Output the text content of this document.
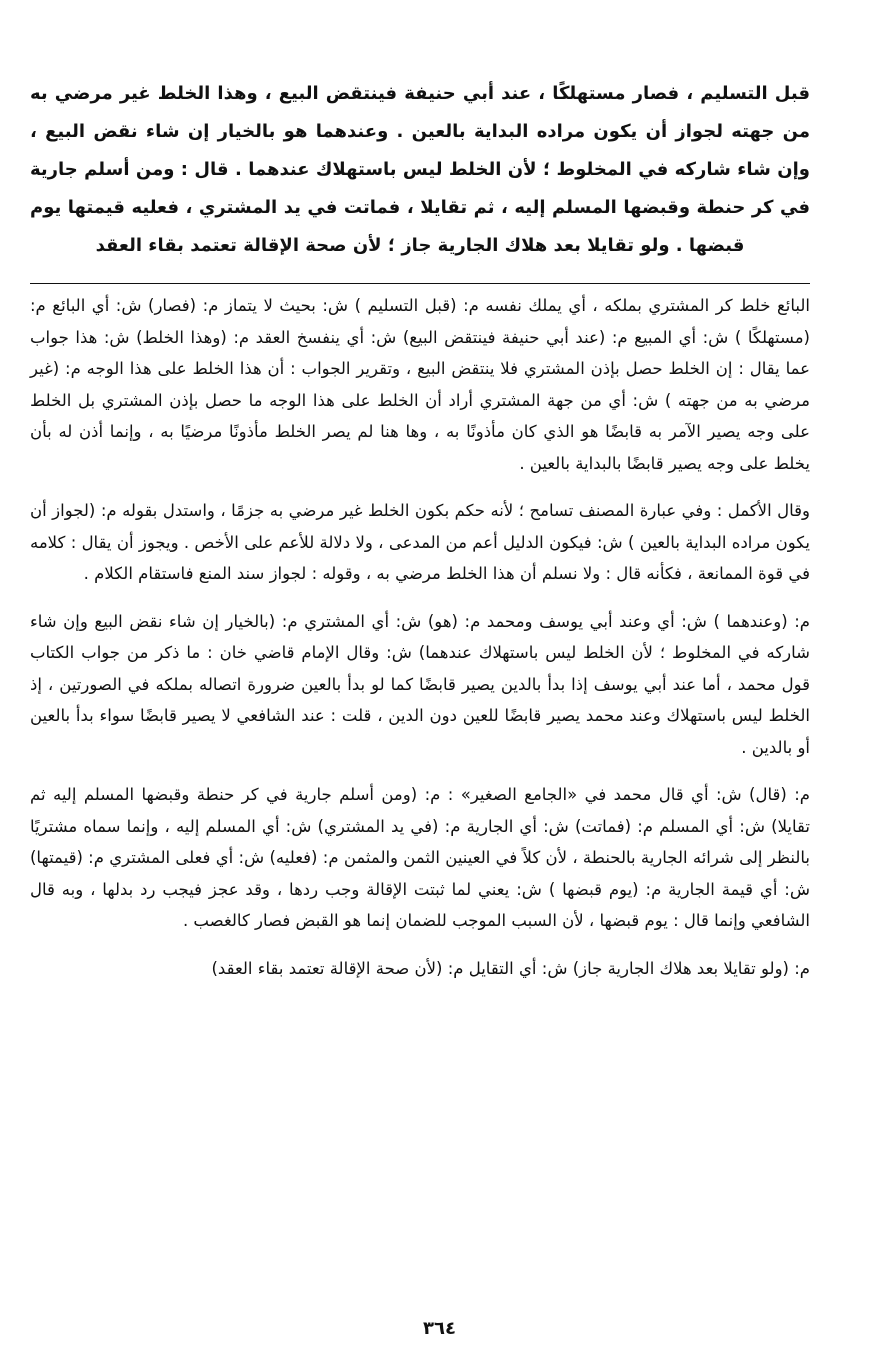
قبل التسليم ، فصار مستهلكًا ، عند أبي حنيفة فينتقض البيع ، وهذا الخلط غير مرضي به من جهته لجواز أن يكون مراده البداية بالعين . وعندهما هو بالخيار إن شاء نقض البيع ، وإن شاء شاركه في المخلوط ؛ لأن الخلط ليس باستهلاك عندهما . قال : ومن أسلم جارية في كر حنطة وقبضها المسلم إليه ، ثم تقايلا ، فماتت في يد المشتري ، فعليه قيمتها يوم قبضها . ولو تقايلا بعد هلاك الجارية جاز ؛ لأن صحة الإقالة تعتمد بقاء العقد

البائع خلط كر المشتري بملكه ، أي يملك نفسه م: (قبل التسليم ) ش: بحيث لا يتماز م: (فصار) ش: أي البائع م: (مستهلكًا ) ش: أي المبيع م: (عند أبي حنيفة فينتقض البيع) ش: أي ينفسخ العقد م: (وهذا الخلط) ش: هذا جواب عما يقال : إن الخلط حصل بإذن المشتري فلا ينتقض البيع ، وتقرير الجواب : أن هذا الخلط على هذا الوجه م: (غير مرضي به من جهته ) ش: أي من جهة المشتري أراد أن الخلط على هذا الوجه ما حصل بإذن المشتري بل الخلط على وجه يصير الآمر به قابضًا هو الذي كان مأذونًا به ، وها هنا لم يصر الخلط مأذونًا مرضيًا به ، وإنما أذن له بأن يخلط على وجه يصير قابضًا بالبداية بالعين .

وقال الأكمل : وفي عبارة المصنف تسامح ؛ لأنه حكم بكون الخلط غير مرضي به جزمًا ، واستدل بقوله م: (لجواز أن يكون مراده البداية بالعين ) ش: فيكون الدليل أعم من المدعى ، ولا دلالة للأعم على الأخص . ويجوز أن يقال : كلامه في قوة الممانعة ، فكأنه قال : ولا نسلم أن هذا الخلط مرضي به ، وقوله : لجواز سند المنع فاستقام الكلام .

م: (وعندهما ) ش: أي وعند أبي يوسف ومحمد م: (هو) ش: أي المشتري م: (بالخيار إن شاء نقض البيع وإن شاء شاركه في المخلوط ؛ لأن الخلط ليس باستهلاك عندهما) ش: وقال الإمام قاضي خان : ما ذكر من جواب الكتاب قول محمد ، أما عند أبي يوسف إذا بدأ بالدين يصير قابضًا كما لو بدأ بالعين ضرورة اتصاله بملكه في الصورتين ، إذ الخلط ليس باستهلاك وعند محمد يصير قابضًا للعين دون الدين ، قلت : عند الشافعي لا يصير قابضًا سواء بدأ بالعين أو بالدين .

م: (قال) ش: أي قال محمد في «الجامع الصغير» : م: (ومن أسلم جارية في كر حنطة وقبضها المسلم إليه ثم تقايلا) ش: أي المسلم م: (فماتت) ش: أي الجارية م: (في يد المشتري) ش: أي المسلم إليه ، وإنما سماه مشتريًا بالنظر إلى شرائه الجارية بالحنطة ، لأن كلاً في العينين الثمن والمثمن م: (فعليه) ش: أي فعلى المشتري م: (قيمتها) ش: أي قيمة الجارية م: (يوم قبضها ) ش: يعني لما ثبتت الإقالة وجب ردها ، وقد عجز فيجب رد بدلها ، وبه قال الشافعي وإنما قال : يوم قبضها ، لأن السبب الموجب للضمان إنما هو القبض فصار كالغصب .

م: (ولو تقايلا بعد هلاك الجارية جاز) ش: أي التقايل م: (لأن صحة الإقالة تعتمد بقاء العقد)

٣٦٤
